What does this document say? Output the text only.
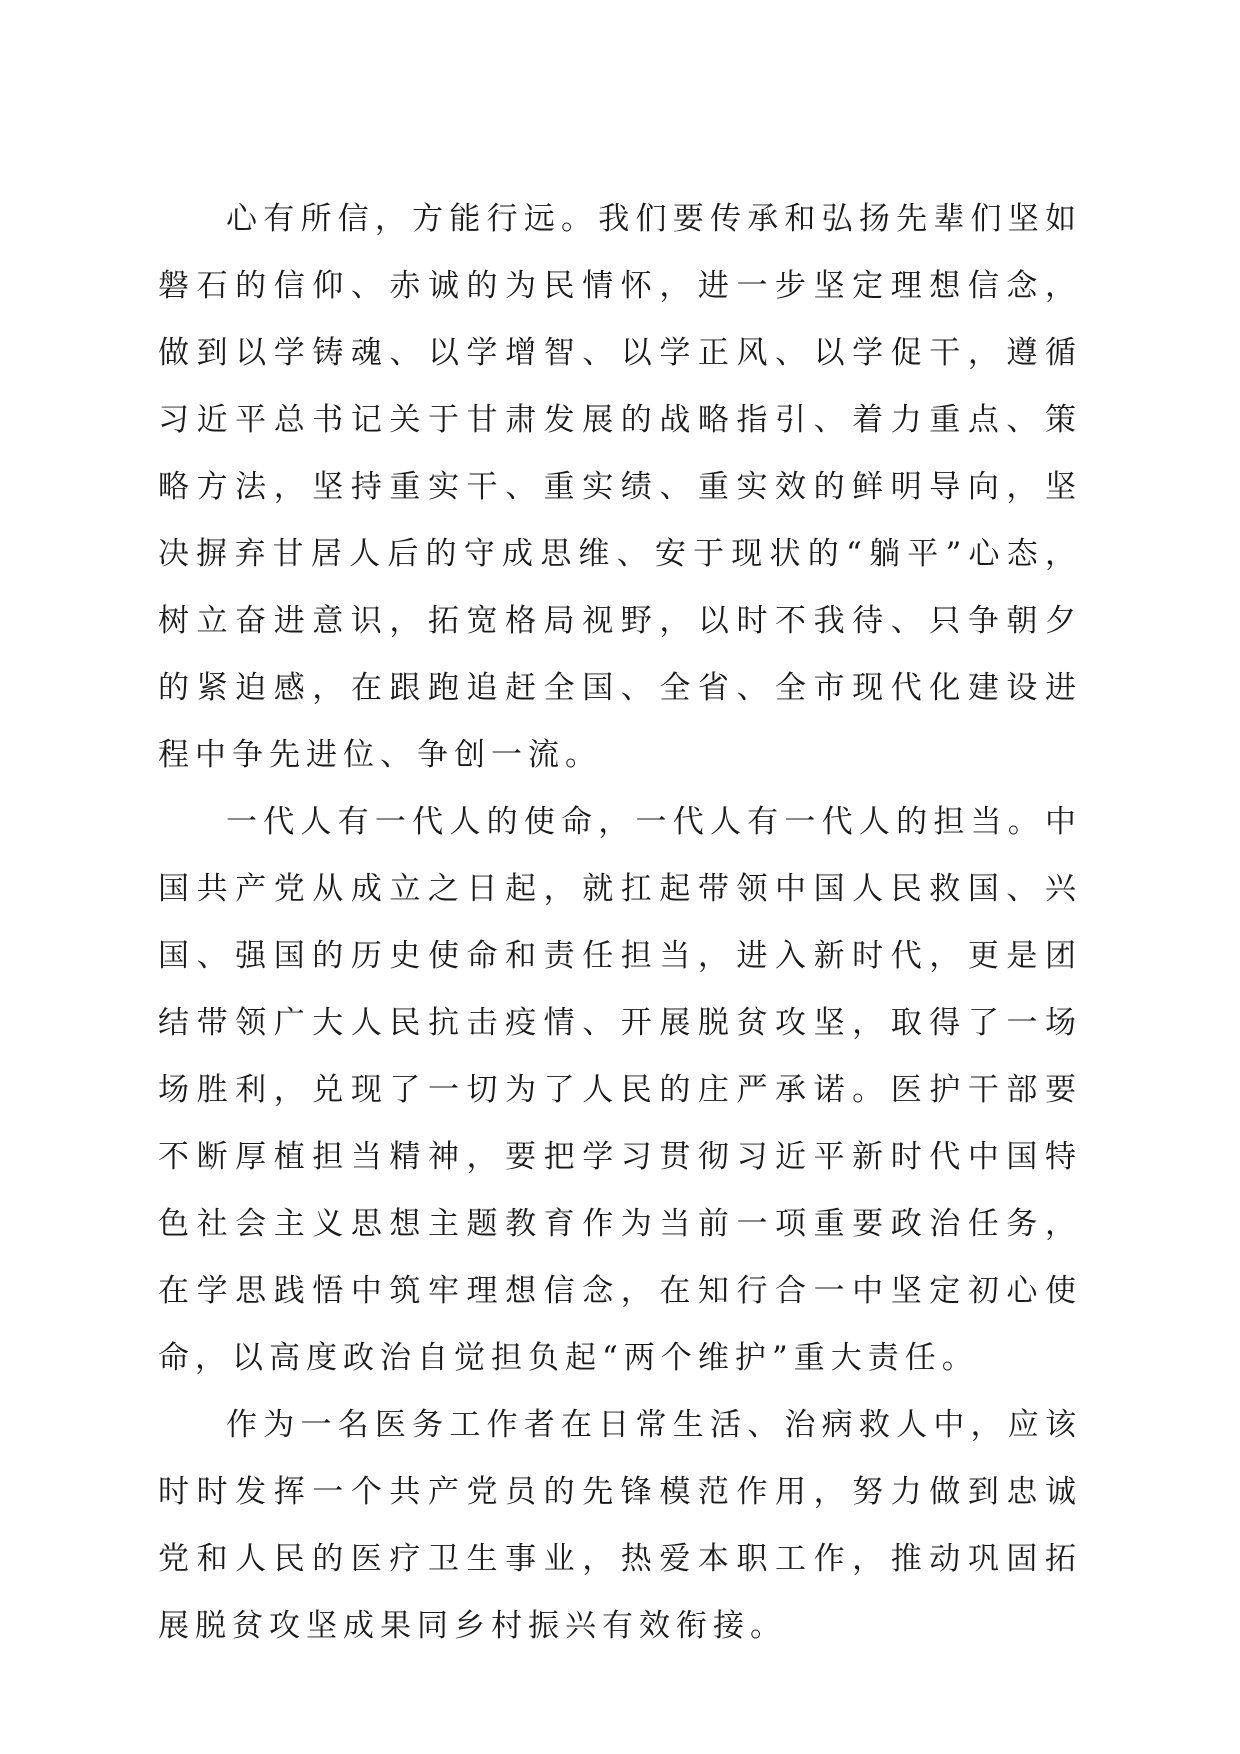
心有所信，方能行远。我们要传承和弘扬先辈们坚如磐石的信仰、赤诚的为民情怀，进一步坚定理想信念，做到以学铸魂、以学增智、以学正风、以学促干，遵循习近平总书记关于甘肃发展的战略指引、着力重点、策略方法，坚持重实干、重实绩、重实效的鲜明导向，坚决摒弃甘居人后的守成思维、安于现状的“躺平”心态，树立奋进意识，拓宽格局视野，以时不我待、只争朝夕的紧迫感，在跟跑追赶全国、全省、全市现代化建设进程中争先进位、争创一流。

一代人有一代人的使命，一代人有一代人的担当。中国共产党从成立之日起，就扛起带领中国人民救国、兴国、强国的历史使命和责任担当，进入新时代，更是团结带领广大人民抗击疫情、开展脱贫攻坚，取得了一场场胜利，兑现了一切为了人民的庄严承诺。医护干部要不断厚植担当精神，要把学习贯彻习近平新时代中国特色社会主义思想主题教育作为当前一项重要政治任务，在学思践悟中筑牢理想信念，在知行合一中坚定初心使命，以高度政治自觉担负起“两个维护”重大责任。

作为一名医务工作者在日常生活、治病救人中，应该时时发挥一个共产党员的先锋模范作用，努力做到忠诚党和人民的医疗卫生事业，热爱本职工作，推动巩固拓展脱贫攻坚成果同乡村振兴有效衔接。
